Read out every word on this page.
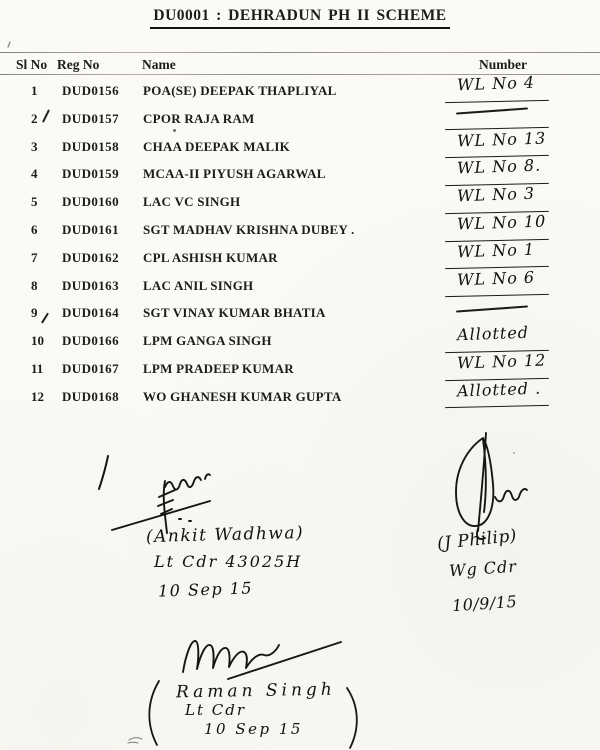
DU0001 : DEHRADUN PH II SCHEME
Sl No Reg No	Name	Number
1 DUD0156 POA(SE) DEEPAK THAPLIYAL	WL No 4
2 DUD0157 CPOR RAJA RAM
3 DUD0158 CHAA DEEPAK MALIK	WL No 13
4 DUD0159 MCAA-II PIYUSH AGARWAL	WL No 8.
5 DUD0160 LAC VC SINGH	WL No 3
6 DUD0161 SGT MADHAV KRISHNA DUBEY .	WL No 10
7 DUD0162 CPL ASHISH KUMAR	WL No 1
8 DUD0163 LAC ANIL SINGH	WL No 6
9 DUD0164 SGT VINAY KUMAR BHATIA
10 DUD0166 LPM GANGA SINGH	Allotted
11 DUD0167 LPM PRADEEP KUMAR	WL No 12
12 DUD0168 WO GHANESH KUMAR GUPTA	Allotted .
(Ankit Wadhwa)
Lt Cdr 43025H
10 Sep 15
(J Philip)
Wg Cdr
10/9/15
Raman Singh
Lt Cdr
10 Sep 15
